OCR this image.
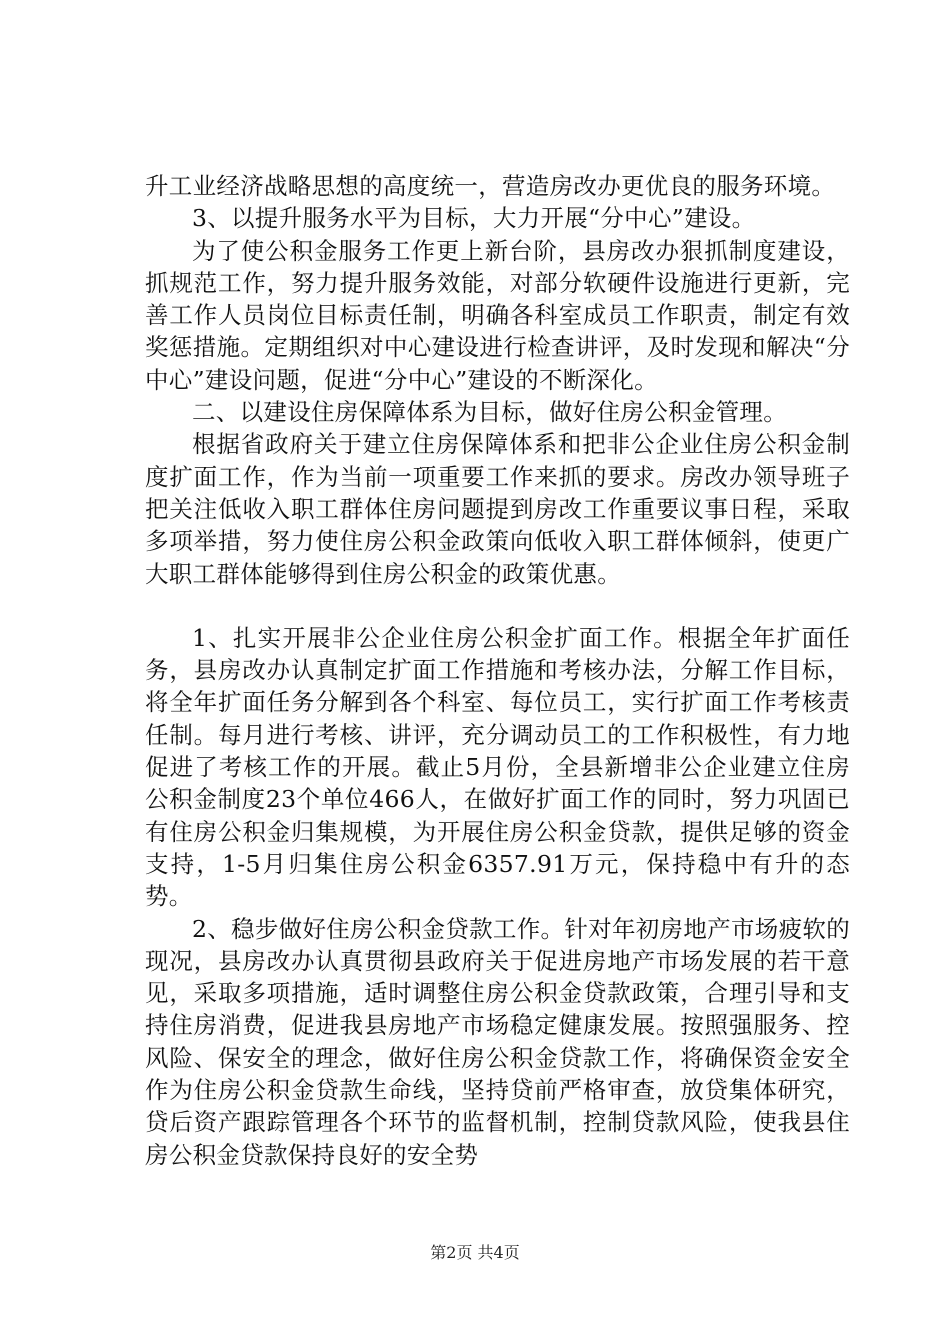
升工业经济战略思想的高度统一，营造房改办更优良的服务环境。

3、以提升服务水平为目标，大力开展“分中心”建设。

为了使公积金服务工作更上新台阶，县房改办狠抓制度建设，抓规范工作，努力提升服务效能，对部分软硬件设施进行更新，完善工作人员岗位目标责任制，明确各科室成员工作职责，制定有效奖惩措施。定期组织对中心建设进行检查讲评，及时发现和解决“分中心”建设问题，促进“分中心”建设的不断深化。

二、以建设住房保障体系为目标，做好住房公积金管理。

根据省政府关于建立住房保障体系和把非公企业住房公积金制度扩面工作，作为当前一项重要工作来抓的要求。房改办领导班子把关注低收入职工群体住房问题提到房改工作重要议事日程，采取多项举措，努力使住房公积金政策向低收入职工群体倾斜，使更广大职工群体能够得到住房公积金的政策优惠。

1、扎实开展非公企业住房公积金扩面工作。根据全年扩面任务，县房改办认真制定扩面工作措施和考核办法，分解工作目标，将全年扩面任务分解到各个科室、每位员工，实行扩面工作考核责任制。每月进行考核、讲评，充分调动员工的工作积极性，有力地促进了考核工作的开展。截止5月份，全县新增非公企业建立住房公积金制度23个单位466人，在做好扩面工作的同时，努力巩固已有住房公积金归集规模，为开展住房公积金贷款，提供足够的资金支持，1-5月归集住房公积金6357.91万元，保持稳中有升的态势。

2、稳步做好住房公积金贷款工作。针对年初房地产市场疲软的现况，县房改办认真贯彻县政府关于促进房地产市场发展的若干意见，采取多项措施，适时调整住房公积金贷款政策，合理引导和支持住房消费，促进我县房地产市场稳定健康发展。按照强服务、控风险、保安全的理念，做好住房公积金贷款工作，将确保资金安全作为住房公积金贷款生命线，坚持贷前严格审查，放贷集体研究，贷后资产跟踪管理各个环节的监督机制，控制贷款风险，使我县住房公积金贷款保持良好的安全势

第2页 共4页
